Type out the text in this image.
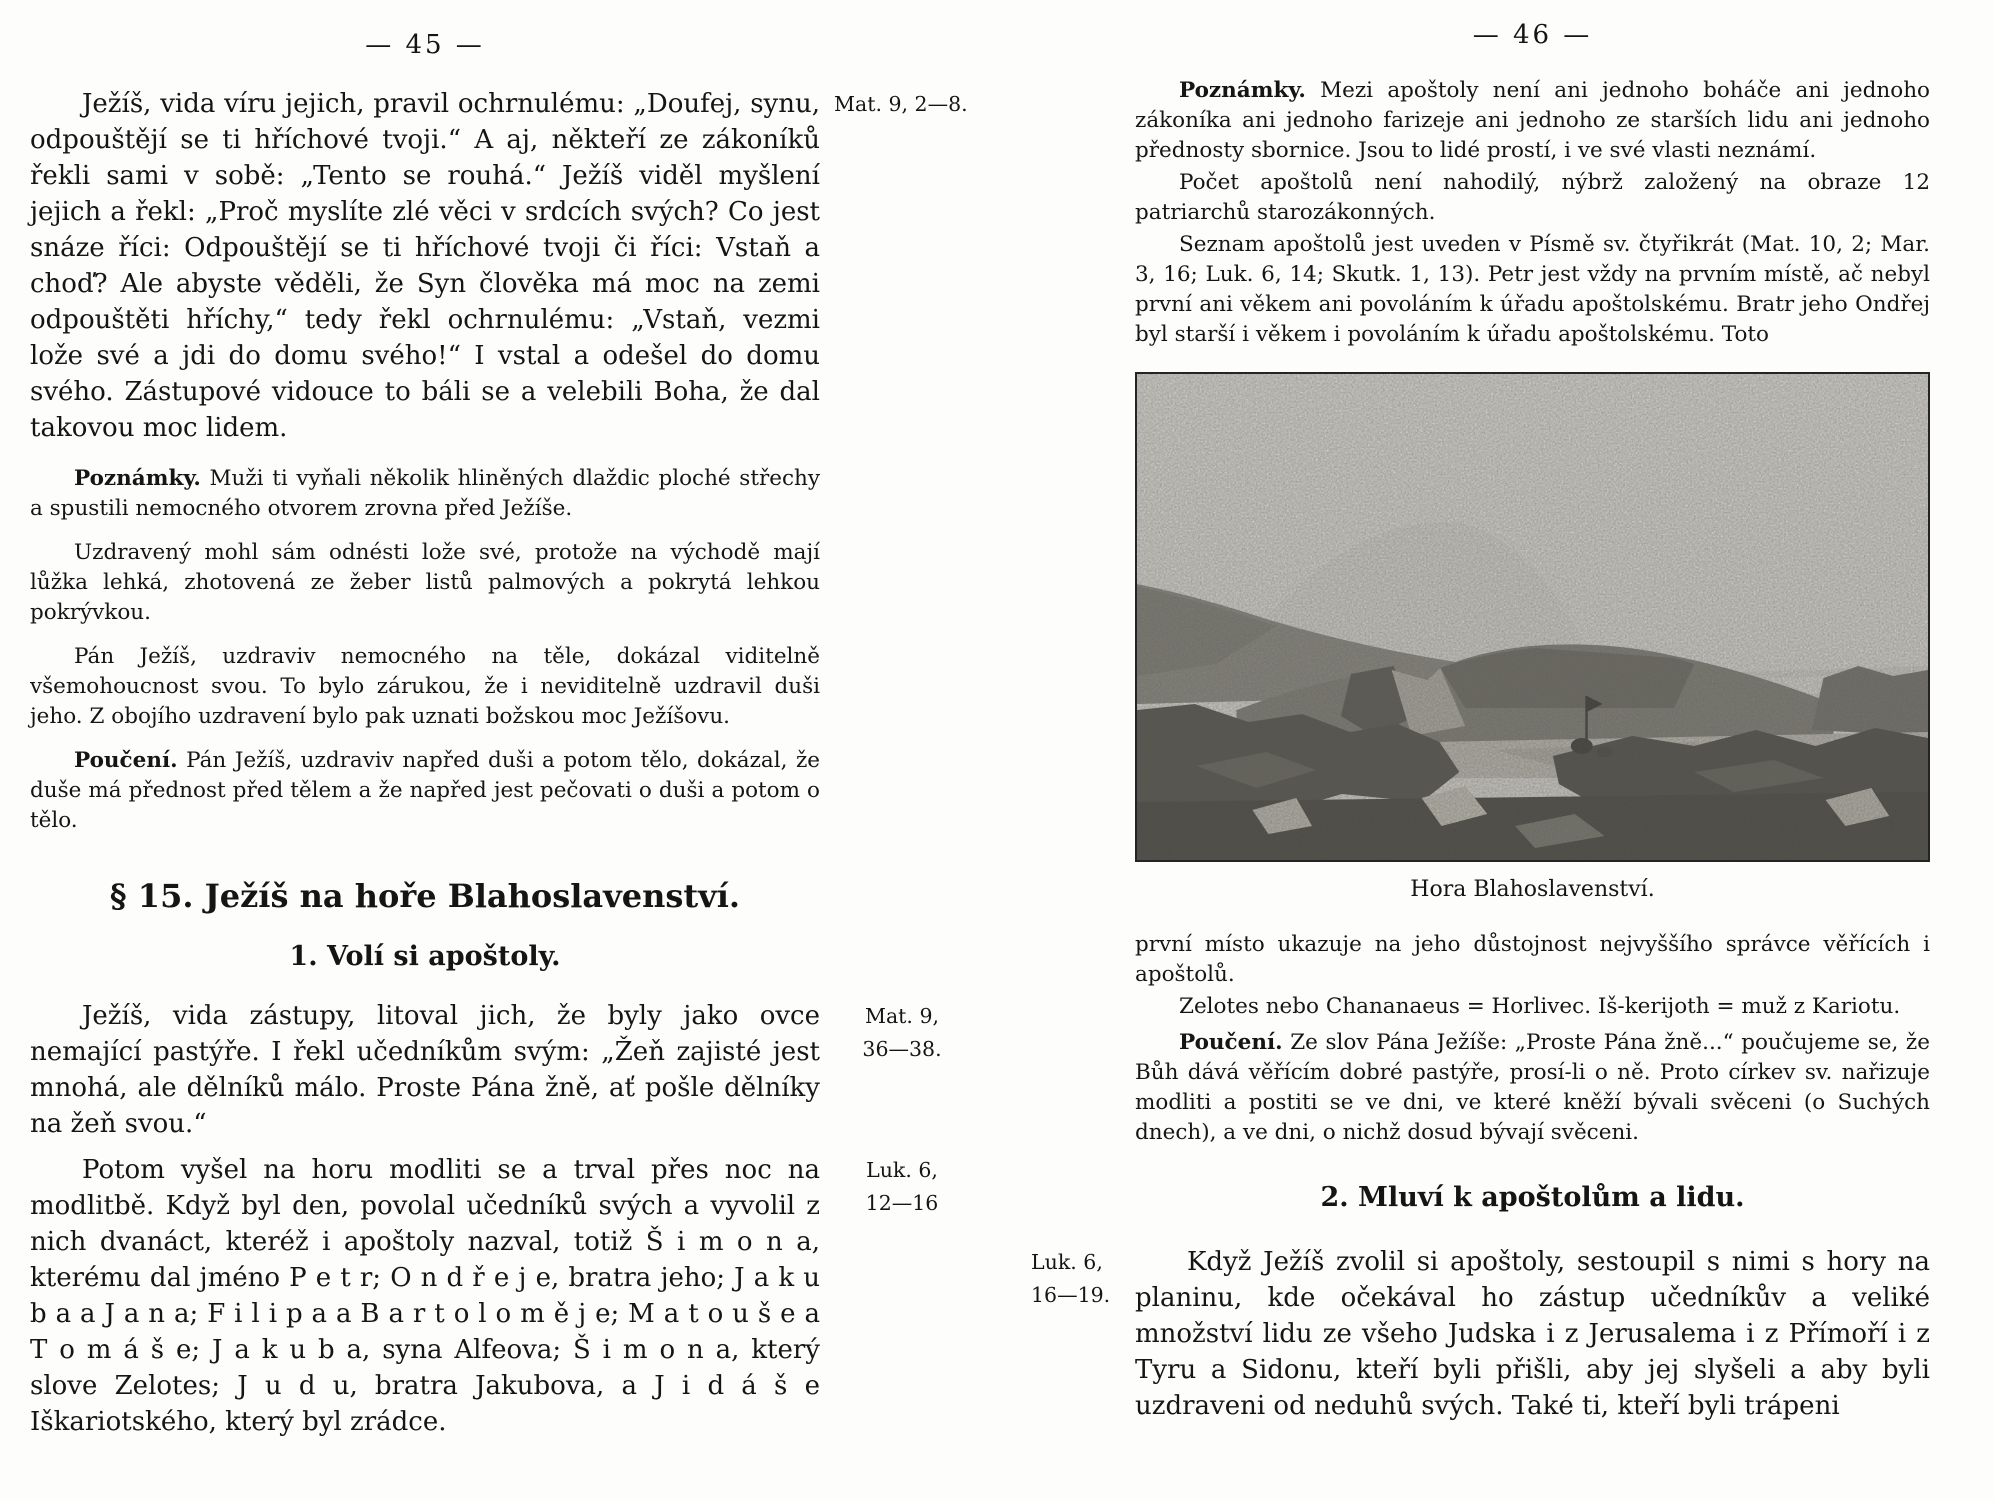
— 45 —

Ježíš, vida víru jejich, pravil ochrnulému: „Doufej, synu, odpouštějí se ti hříchové tvoji.“ A aj, někteří ze zákoníků řekli sami v sobě: „Tento se rouhá.“ Ježíš viděl myšlení jejich a řekl: „Proč myslíte zlé věci v srdcích svých? Co jest snáze říci: Odpouštějí se ti hříchové tvoji či říci: Vstaň a choď? Ale abyste věděli, že Syn člověka má moc na zemi odpouštěti hříchy,“ tedy řekl ochrnulému: „Vstaň, vezmi lože své a jdi do domu svého!“ I vstal a odešel do domu svého. Zástupové vidouce to báli se a velebili Boha, že dal takovou moc lidem.

Mat. 9, 2—8.

Poznámky. Muži ti vyňali několik hliněných dlaždic ploché střechy a spustili nemocného otvorem zrovna před Ježíše.

Uzdravený mohl sám odnésti lože své, protože na východě mají lůžka lehká, zhotovená ze žeber listů palmových a pokrytá lehkou pokrývkou.

Pán Ježíš, uzdraviv nemocného na těle, dokázal viditelně všemohoucnost svou. To bylo zárukou, že i neviditelně uzdravil duši jeho. Z obojího uzdravení bylo pak uznati božskou moc Ježíšovu.

Poučení. Pán Ježíš, uzdraviv napřed duši a potom tělo, dokázal, že duše má přednost před tělem a že napřed jest pečovati o duši a potom o tělo.

§ 15. Ježíš na hoře Blahoslavenství.
1. Volí si apoštoly.

Ježíš, vida zástupy, litoval jich, že byly jako ovce nemající pastýře. I řekl učedníkům svým: „Žeň zajisté jest mnohá, ale dělníků málo. Proste Pána žně, ať pošle dělníky na žeň svou.“

Mat. 9,
36—38.

Potom vyšel na horu modliti se a trval přes noc na modlitbě. Když byl den, povolal učedníků svých a vyvolil z nich dvanáct, kteréž i apoštoly nazval, totiž Š i m o n a, kterému dal jméno P e t r; O n d ř e j e, bratra jeho; J a k u b a a J a n a; F i l i p a a B a r t o l o m ě j e; M a t o u š e a T o m á š e; J a k u b a, syna Alfeova; Š i m o n a, který slove Zelotes; J u d u, bratra Jakubova, a J i d á š e Iškariotského, který byl zrádce.

Luk. 6,
12—16
— 46 —

Poznámky. Mezi apoštoly není ani jednoho boháče ani jednoho zákoníka ani jednoho farizeje ani jednoho ze starších lidu ani jednoho přednosty sbornice. Jsou to lidé prostí, i ve své vlasti neznámí.

Počet apoštolů není nahodilý, nýbrž založený na obraze 12 patriarchů starozákonných.

Seznam apoštolů jest uveden v Písmě sv. čtyřikrát (Mat. 10, 2; Mar. 3, 16; Luk. 6, 14; Skutk. 1, 13). Petr jest vždy na prvním místě, ač nebyl první ani věkem ani povoláním k úřadu apoštolskému. Bratr jeho Ondřej byl starší i věkem i povoláním k úřadu apoštolskému. Toto

Hora Blahoslavenství.

první místo ukazuje na jeho důstojnost nejvyššího správce věřících i apoštolů.

Zelotes nebo Chananaeus = Horlivec. Iš-kerijoth = muž z Kariotu.

Poučení. Ze slov Pána Ježíše: „Proste Pána žně...“ poučujeme se, že Bůh dává věřícím dobré pastýře, prosí-li o ně. Proto církev sv. nařizuje modliti a postiti se ve dni, ve které kněží bývali svěceni (o Suchých dnech), a ve dni, o nichž dosud bývají svěceni.

2. Mluví k apoštolům a lidu.

Když Ježíš zvolil si apoštoly, sestoupil s nimi s hory na planinu, kde očekával ho zástup učedníkův a veliké množství lidu ze všeho Judska i z Jerusalema i z Přímoří i z Tyru a Sidonu, kteří byli přišli, aby jej slyšeli a aby byli uzdraveni od neduhů svých. Také ti, kteří byli trápeni

Luk. 6,
16—19.
